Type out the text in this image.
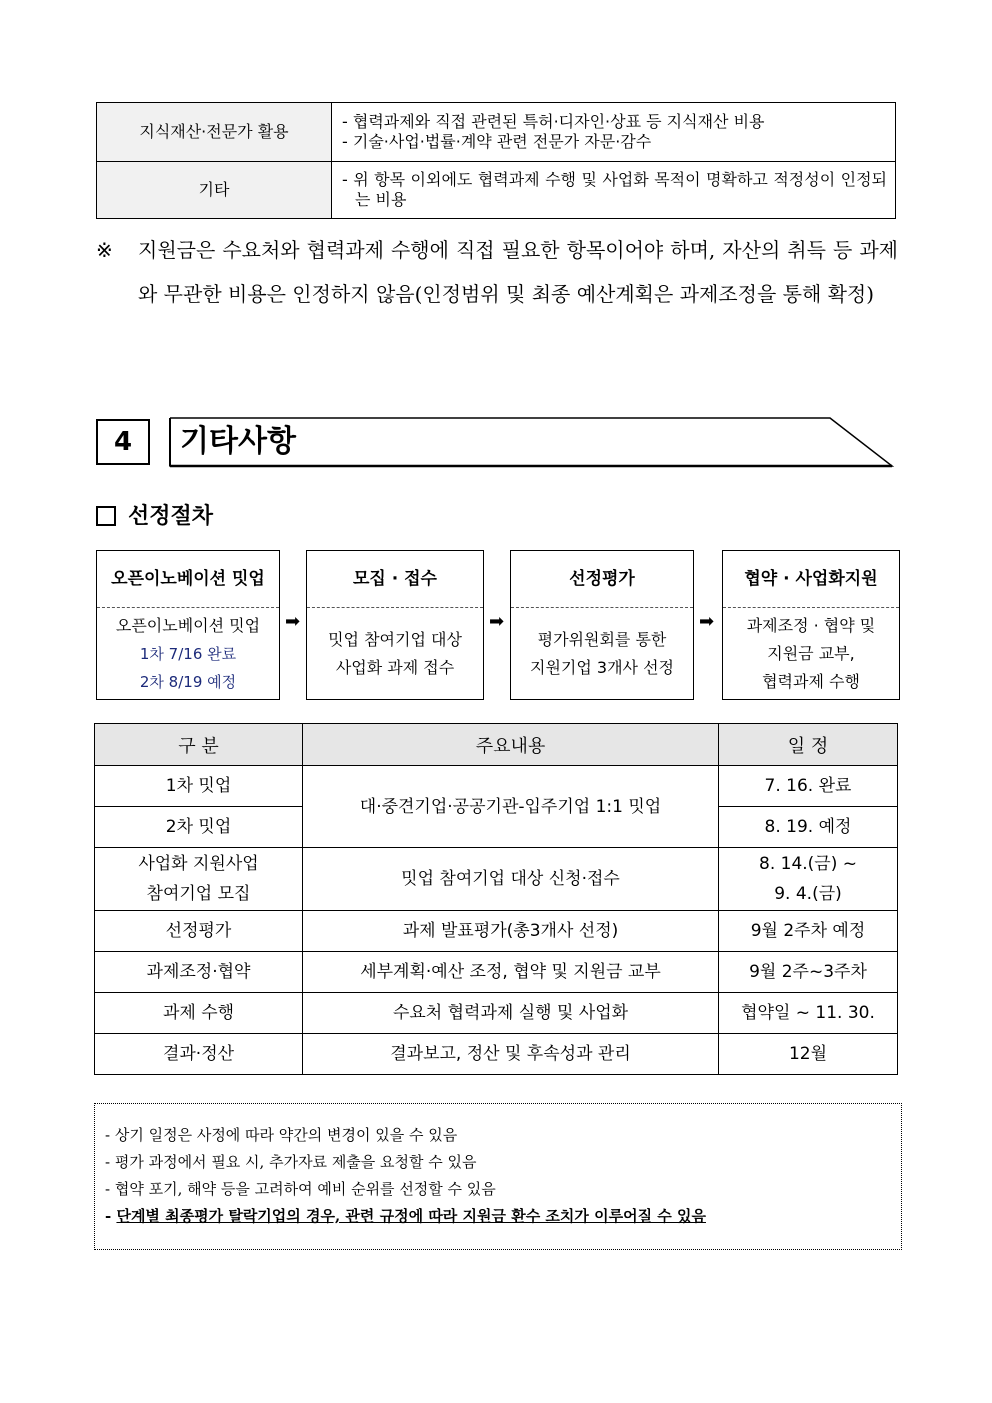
지식재산·전문가 활용	- 협력과제와 직접 관련된 특허·디자인·상표 등 지식재산 비용
- 기술·사업·법률·계약 관련 전문가 자문·감수

기타	- 위 항목 이외에도 협력과제 수행 및 사업화 목적이 명확하고 적정성이 인정되는 비용
※	지원금은 수요처와 협력과제 수행에 직접 필요한 항목이어야 하며, 자산의 취득 등 과제와 무관한 비용은 인정하지 않음(인정범위 및 최종 예산계획은 과제조정을 통해 확정)
4	기타사항
선정절차
오픈이노베이션 밋업
오픈이노베이션 밋업
1차 7/16 완료
2차 8/19 예정
➡
모집 · 접수
밋업 참여기업 대상
사업화 과제 접수
➡
선정평가
평가위원회를 통한
지원기업 3개사 선정
➡
협약 · 사업화지원
과제조정 · 협약 및
지원금 교부,
협력과제 수행
구 분	주요내용	일 정
1차 밋업	대·중견기업·공공기관-입주기업 1:1 밋업	7. 16. 완료
2차 밋업		8. 19. 예정
사업화 지원사업
참여기업 모집	밋업 참여기업 대상 신청·접수	8. 14.(금) ~
9. 4.(금)
선정평가	과제 발표평가(총3개사 선정)	9월 2주차 예정
과제조정·협약	세부계획·예산 조정, 협약 및 지원금 교부	9월 2주~3주차
과제 수행	수요처 협력과제 실행 및 사업화	협약일 ~ 11. 30.
결과·정산	결과보고, 정산 및 후속성과 관리	12월
- 상기 일정은 사정에 따라 약간의 변경이 있을 수 있음
- 평가 과정에서 필요 시, 추가자료 제출을 요청할 수 있음
- 협약 포기, 해약 등을 고려하여 예비 순위를 선정할 수 있음
- 단계별 최종평가 탈락기업의 경우, 관련 규정에 따라 지원금 환수 조치가 이루어질 수 있음
